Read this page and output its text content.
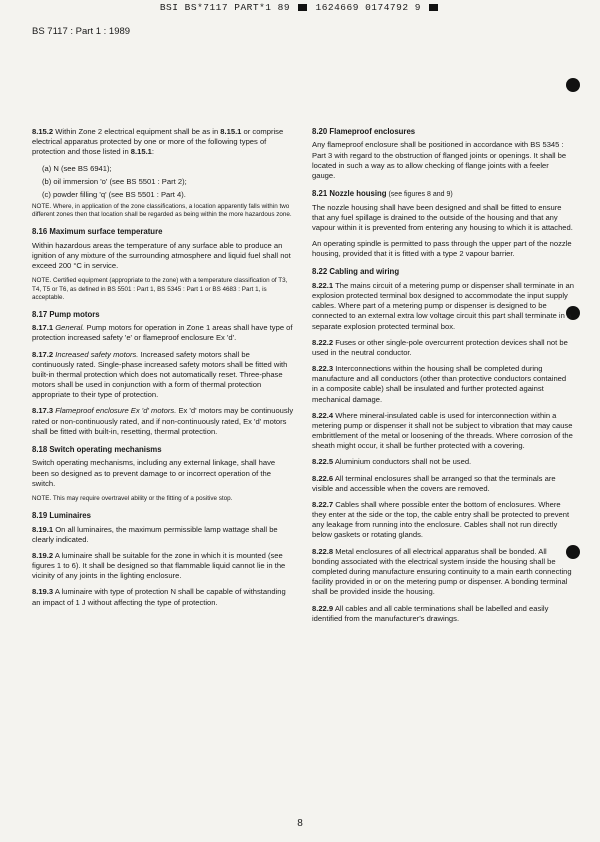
BSI BS*7117 PART*1 89	1624669 0174792 9
BS 7117 : Part 1 : 1989

8.15.2 Within Zone 2 electrical equipment shall be as in 8.15.1 or comprise electrical apparatus protected by one or more of the following types of protection and those listed in 8.15.1:

(a) N (see BS 6941);
(b) oil immersion 'o' (see BS 5501 : Part 2);
(c) powder filling 'q' (see BS 5501 : Part 4).
NOTE. Where, in application of the zone classifications, a location apparently falls within two different zones then that location shall be regarded as being within the more hazardous zone.
8.16 Maximum surface temperature

Within hazardous areas the temperature of any surface able to produce an ignition of any mixture of the surrounding atmosphere and liquid fuel shall not exceed 200 °C in service.

NOTE. Certified equipment (appropriate to the zone) with a temperature classification of T3, T4, T5 or T6, as defined in BS 5501 : Part 1, BS 5345 : Part 1 or BS 4683 : Part 1, is acceptable.
8.17 Pump motors

8.17.1 General. Pump motors for operation in Zone 1 areas shall have type of protection increased safety 'e' or flameproof enclosure Ex 'd'.

8.17.2 Increased safety motors. Increased safety motors shall be continuously rated. Single-phase increased safety motors shall be fitted with built-in thermal protection which does not automatically reset. Three-phase motors shall be used in conjunction with a form of thermal protection appropriate to their type of protection.

8.17.3 Flameproof enclosure Ex 'd' motors. Ex 'd' motors may be continuously rated or non-continuously rated, and if non-continuously rated, Ex 'd' motors shall be fitted with built-in, resetting, thermal protection.

8.18 Switch operating mechanisms

Switch operating mechanisms, including any external linkage, shall have been so designed as to prevent damage to or incorrect operation of the switch.

NOTE. This may require overtravel ability or the fitting of a positive stop.
8.19 Luminaires

8.19.1 On all luminaires, the maximum permissible lamp wattage shall be clearly indicated.

8.19.2 A luminaire shall be suitable for the zone in which it is mounted (see figures 1 to 6). It shall be designed so that flammable liquid cannot lie in the vicinity of any joints in the lighting enclosure.

8.19.3 A luminaire with type of protection N shall be capable of withstanding an impact of 1 J without affecting the type of protection.

8.20 Flameproof enclosures

Any flameproof enclosure shall be positioned in accordance with BS 5345 : Part 3 with regard to the obstruction of flanged joints or openings. It shall be located in such a way as to allow checking of flange joints with a feeler gauge.

8.21 Nozzle housing (see figures 8 and 9)

The nozzle housing shall have been designed and shall be fitted to ensure that any fuel spillage is drained to the outside of the housing and that any vapour within it is prevented from entering any housing to which it is attached.

An operating spindle is permitted to pass through the upper part of the nozzle housing, provided that it is fitted with a type 2 vapour barrier.

8.22 Cabling and wiring

8.22.1 The mains circuit of a metering pump or dispenser shall terminate in an explosion protected terminal box designed to accommodate the input supply cables. Where part of a metering pump or dispenser is designed to be connected to an external extra low voltage circuit this part shall terminate in a separate explosion protected terminal box.

8.22.2 Fuses or other single-pole overcurrent protection devices shall not be used in the neutral conductor.

8.22.3 Interconnections within the housing shall be completed during manufacture and all conductors (other than protective conductors contained in a composite cable) shall be insulated and further protected against mechanical damage.

8.22.4 Where mineral-insulated cable is used for interconnection within a metering pump or dispenser it shall not be subject to vibration that may cause embrittlement of the metal or loosening of the threads. Where corrosion of the sheath might occur, it shall be further protected with a covering.

8.22.5 Aluminium conductors shall not be used.

8.22.6 All terminal enclosures shall be arranged so that the terminals are visible and accessible when the covers are removed.

8.22.7 Cables shall where possible enter the bottom of enclosures. Where they enter at the side or the top, the cable entry shall be protected to prevent any leakage from running into the enclosure. Cables shall not run directly below gaskets or rotating glands.

8.22.8 Metal enclosures of all electrical apparatus shall be bonded. All bonding associated with the electrical system inside the housing shall be completed during manufacture ensuring continuity to a main earth connecting facility provided in or on the metering pump or dispenser. A bonding terminal shall be provided inside the housing.

8.22.9 All cables and all cable terminations shall be labelled and easily identified from the manufacturer's drawings.

8
